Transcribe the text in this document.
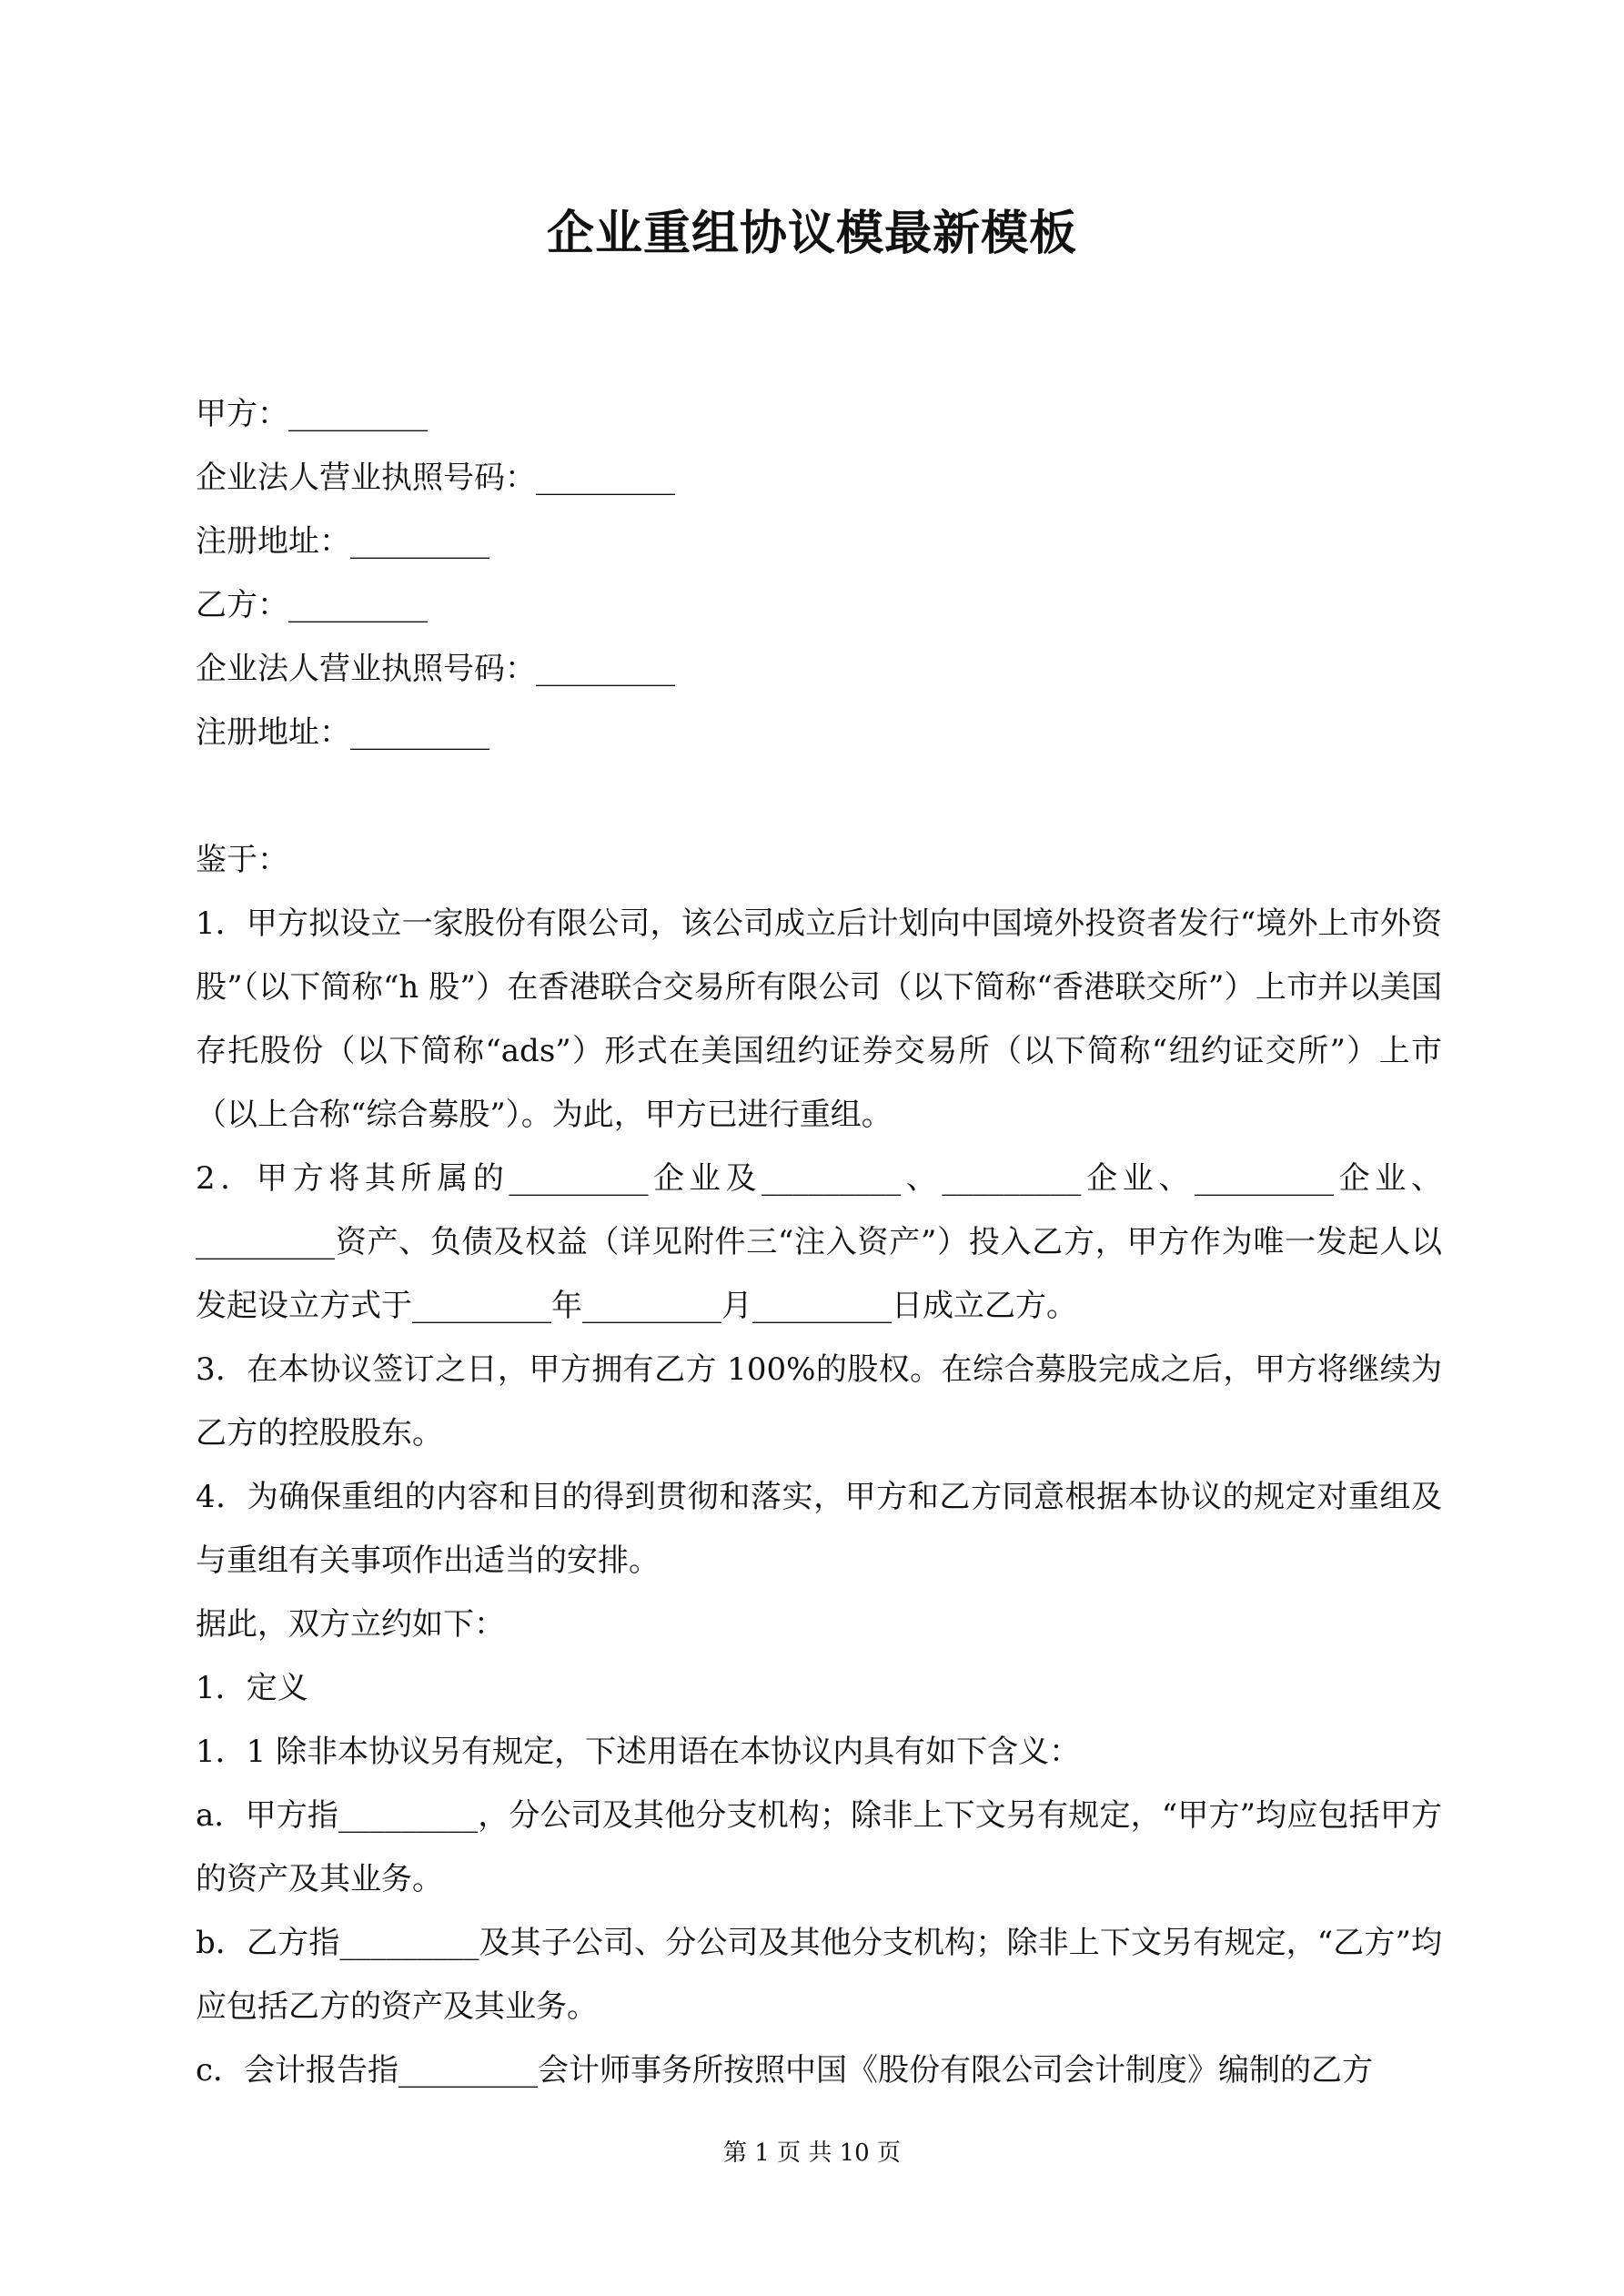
企业重组协议模最新模板

甲方：_________

企业法人营业执照号码：_________

注册地址：_________

乙方：_________

企业法人营业执照号码：_________

注册地址：_________

鉴于：

1．甲方拟设立一家股份有限公司，该公司成立后计划向中国境外投资者发行“境外上市外资股”（以下简称“h 股”）在香港联合交易所有限公司（以下简称“香港联交所”）上市并以美国存托股份（以下简称“ads”）形式在美国纽约证券交易所（以下简称“纽约证交所”）上市（以上合称“综合募股”）。为此，甲方已进行重组。

2．甲方将其所属的_________企业及_________、_________企业、_________企业、_________资产、负债及权益（详见附件三“注入资产”）投入乙方，甲方作为唯一发起人以发起设立方式于_________年_________月_________日成立乙方。

3．在本协议签订之日，甲方拥有乙方 100%的股权。在综合募股完成之后，甲方将继续为乙方的控股股东。

4．为确保重组的内容和目的得到贯彻和落实，甲方和乙方同意根据本协议的规定对重组及与重组有关事项作出适当的安排。

据此，双方立约如下：

1．定义

1．1 除非本协议另有规定，下述用语在本协议内具有如下含义：

a．甲方指_________，分公司及其他分支机构；除非上下文另有规定，“甲方”均应包括甲方的资产及其业务。

b．乙方指_________及其子公司、分公司及其他分支机构；除非上下文另有规定，“乙方”均应包括乙方的资产及其业务。

c．会计报告指_________会计师事务所按照中国《股份有限公司会计制度》编制的乙方

第 1 页 共 10 页
